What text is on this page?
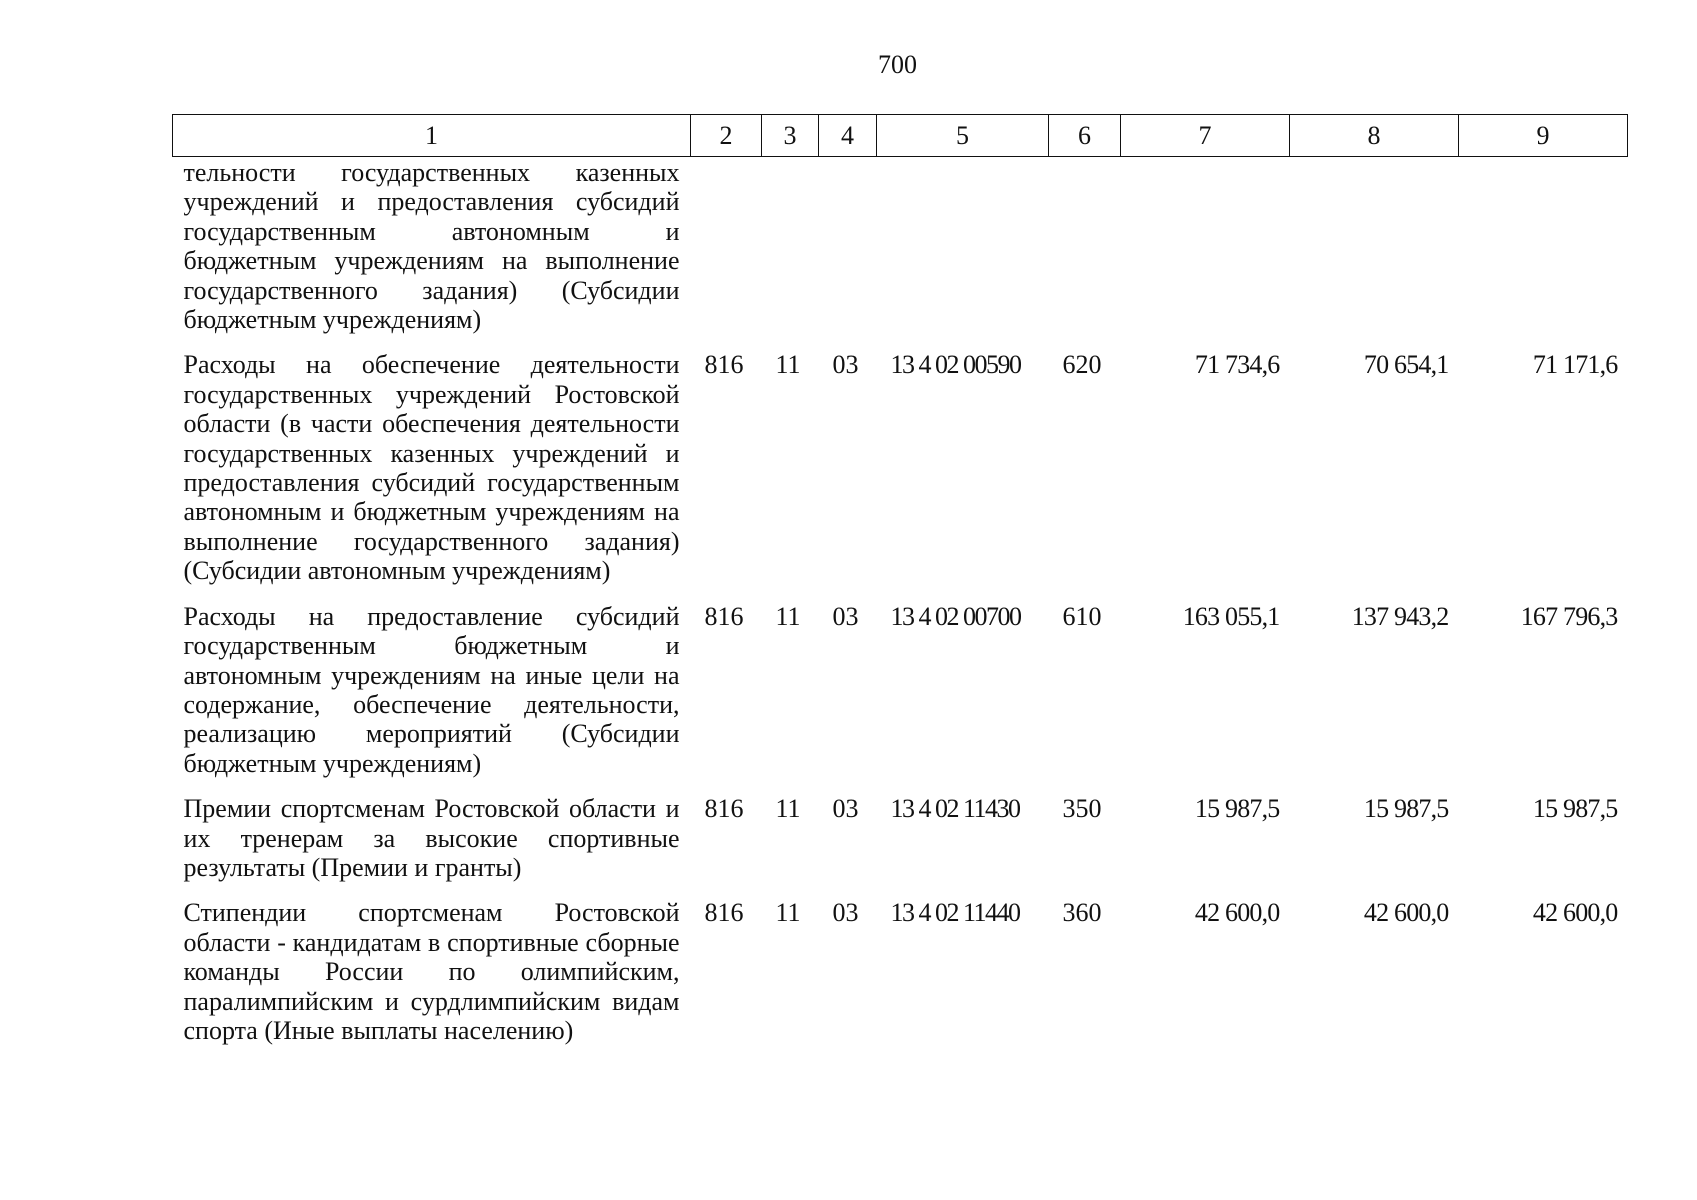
700
1	2	3	4	5	6	7	8	9
тельности государственных казенных учреждений и предоставления субсидий государственным автономным и бюджетным учреждениям на выполнение государственного задания) (Субсидии бюджетным учреждениям)								
Расходы на обеспечение деятельности государственных учреждений Ростовской области (в части обеспечения деятельности государственных казенных учреждений и предоставления субсидий государственным автономным и бюджетным учреждениям на выполнение государственного задания) (Субсидии автономным учреждениям)	816	11	03	13 4 02 00590	620	71 734,6	70 654,1	71 171,6
Расходы на предоставление субсидий государственным бюджетным и автономным учреждениям на иные цели на содержание, обеспечение деятельности, реализацию мероприятий (Субсидии бюджетным учреждениям)	816	11	03	13 4 02 00700	610	163 055,1	137 943,2	167 796,3
Премии спортсменам Ростовской области и их тренерам за высокие спортивные результаты (Премии и гранты)	816	11	03	13 4 02 11430	350	15 987,5	15 987,5	15 987,5
Стипендии спортсменам Ростовской области - кандидатам в спортивные сборные команды России по олимпийским, паралимпийским и сурдлимпийским видам спорта (Иные выплаты населению)	816	11	03	13 4 02 11440	360	42 600,0	42 600,0	42 600,0
